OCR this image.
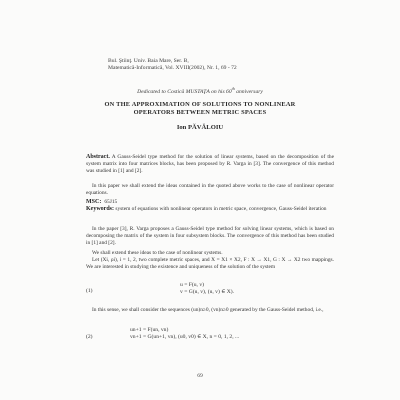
Bul. Ştiinţ. Univ. Baia Mare, Ser. B,
Matematică-Informatică, Vol. XVIII(2002), Nr. 1, 69 - 72
Dedicated to Costică MUSTAŢA on his 60th anniversary
ON THE APPROXIMATION OF SOLUTIONS TO NONLINEAR
OPERATORS BETWEEN METRIC SPACES
Ion PĂVĂLOIU
Abstract. A Gauss-Seidel type method for the solution of linear systems, based on the decomposition of the system matrix into four matrices blocks, has been proposed by R. Varga in [3]. The convergence of this method was studied in [1] and [2].
In this paper we shall extend the ideas contained in the quoted above works to the case of nonlinear operator equations.
MSC: 65J15
Keywords: system of equations with nonlinear operators in metric space, convergence, Gauss-Seidel iteration
In the paper [3], R. Varga proposes a Gauss-Seidel type method for solving linear systems, which is based on decomposing the matrix of the system in four subsystem blocks. The convergence of this method has been studied in [1] and [2].
We shall extend these ideas to the case of nonlinear systems.
Let (Xi, ρi), i = 1, 2, two complete metric spaces, and X = X1 × X2, F : X → X1, G : X → X2 two mappings. We are interested in studying the existence and uniqueness of the solution of the system
(1)
u = F(u, v)
v = G(u, v), (u, v) ∈ X).
In this sense, we shall consider the sequences (un)n≥0, (vn)n≥0 generated by the Gauss-Seidel method, i.e.,
(2)
un+1 = F(un, vn)
vn+1 = G(un+1, vn), (u0, v0) ∈ X, n = 0, 1, 2, ...
69
